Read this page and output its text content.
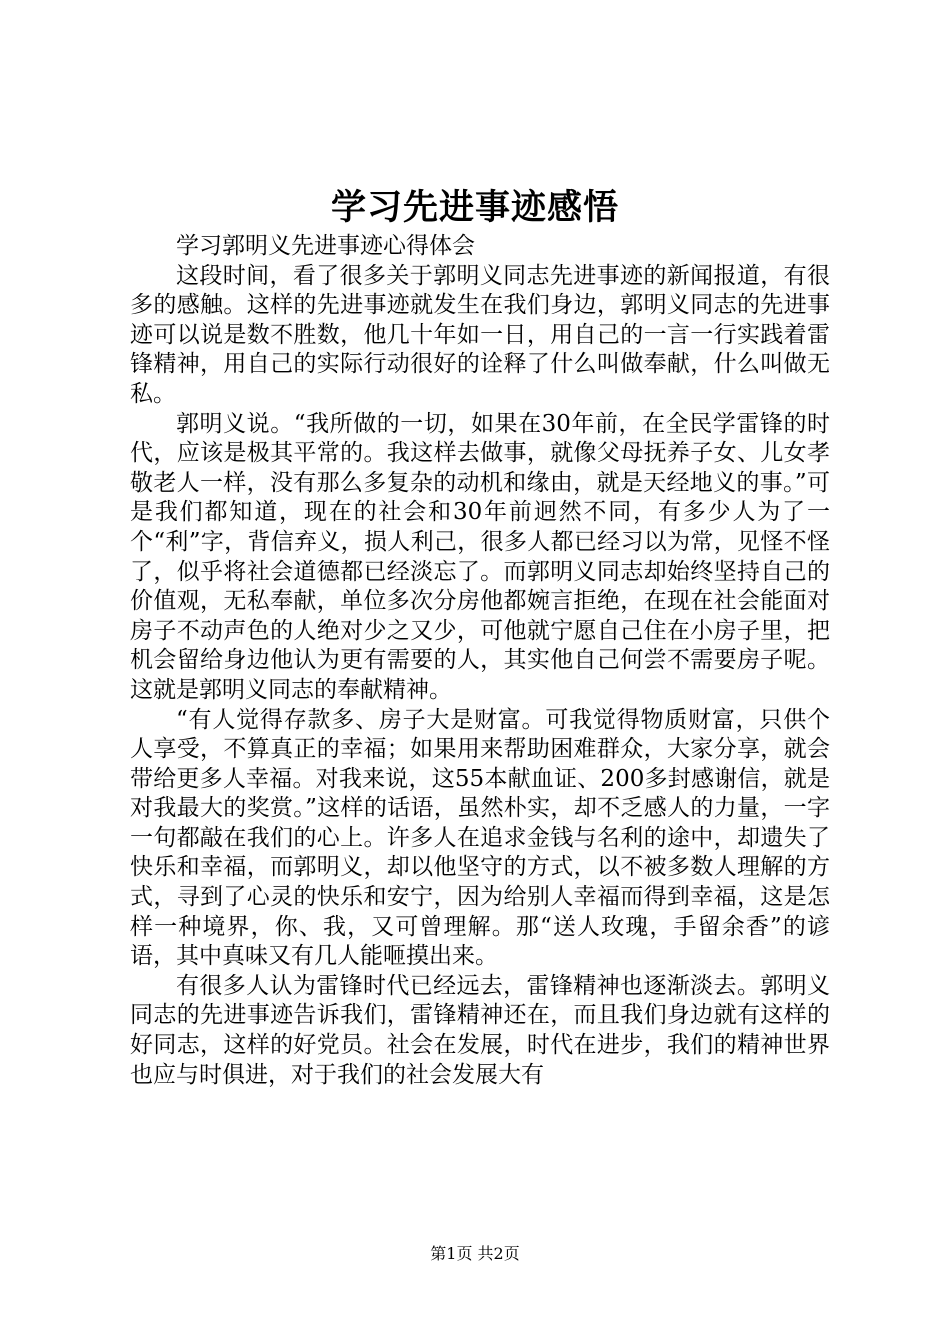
学习先进事迹感悟

学习郭明义先进事迹心得体会

这段时间，看了很多关于郭明义同志先进事迹的新闻报道，有很多的感触。这样的先进事迹就发生在我们身边，郭明义同志的先进事迹可以说是数不胜数，他几十年如一日，用自己的一言一行实践着雷锋精神，用自己的实际行动很好的诠释了什么叫做奉献，什么叫做无私。

郭明义说。“我所做的一切，如果在30年前，在全民学雷锋的时代，应该是极其平常的。我这样去做事，就像父母抚养子女、儿女孝敬老人一样，没有那么多复杂的动机和缘由，就是天经地义的事。”可是我们都知道，现在的社会和30年前迥然不同，有多少人为了一个“利”字，背信弃义，损人利己，很多人都已经习以为常，见怪不怪了，似乎将社会道德都已经淡忘了。而郭明义同志却始终坚持自己的价值观，无私奉献，单位多次分房他都婉言拒绝，在现在社会能面对房子不动声色的人绝对少之又少，可他就宁愿自己住在小房子里，把机会留给身边他认为更有需要的人，其实他自己何尝不需要房子呢。这就是郭明义同志的奉献精神。

“有人觉得存款多、房子大是财富。可我觉得物质财富，只供个人享受，不算真正的幸福；如果用来帮助困难群众，大家分享，就会带给更多人幸福。对我来说，这55本献血证、200多封感谢信，就是对我最大的奖赏。”这样的话语，虽然朴实，却不乏感人的力量，一字一句都敲在我们的心上。许多人在追求金钱与名利的途中，却遗失了快乐和幸福，而郭明义，却以他坚守的方式，以不被多数人理解的方式，寻到了心灵的快乐和安宁，因为给别人幸福而得到幸福，这是怎样一种境界，你、我，又可曾理解。那“送人玫瑰，手留余香”的谚语，其中真味又有几人能咂摸出来。

有很多人认为雷锋时代已经远去，雷锋精神也逐渐淡去。郭明义同志的先进事迹告诉我们，雷锋精神还在，而且我们身边就有这样的好同志，这样的好党员。社会在发展，时代在进步，我们的精神世界也应与时俱进，对于我们的社会发展大有

第1页 共2页
